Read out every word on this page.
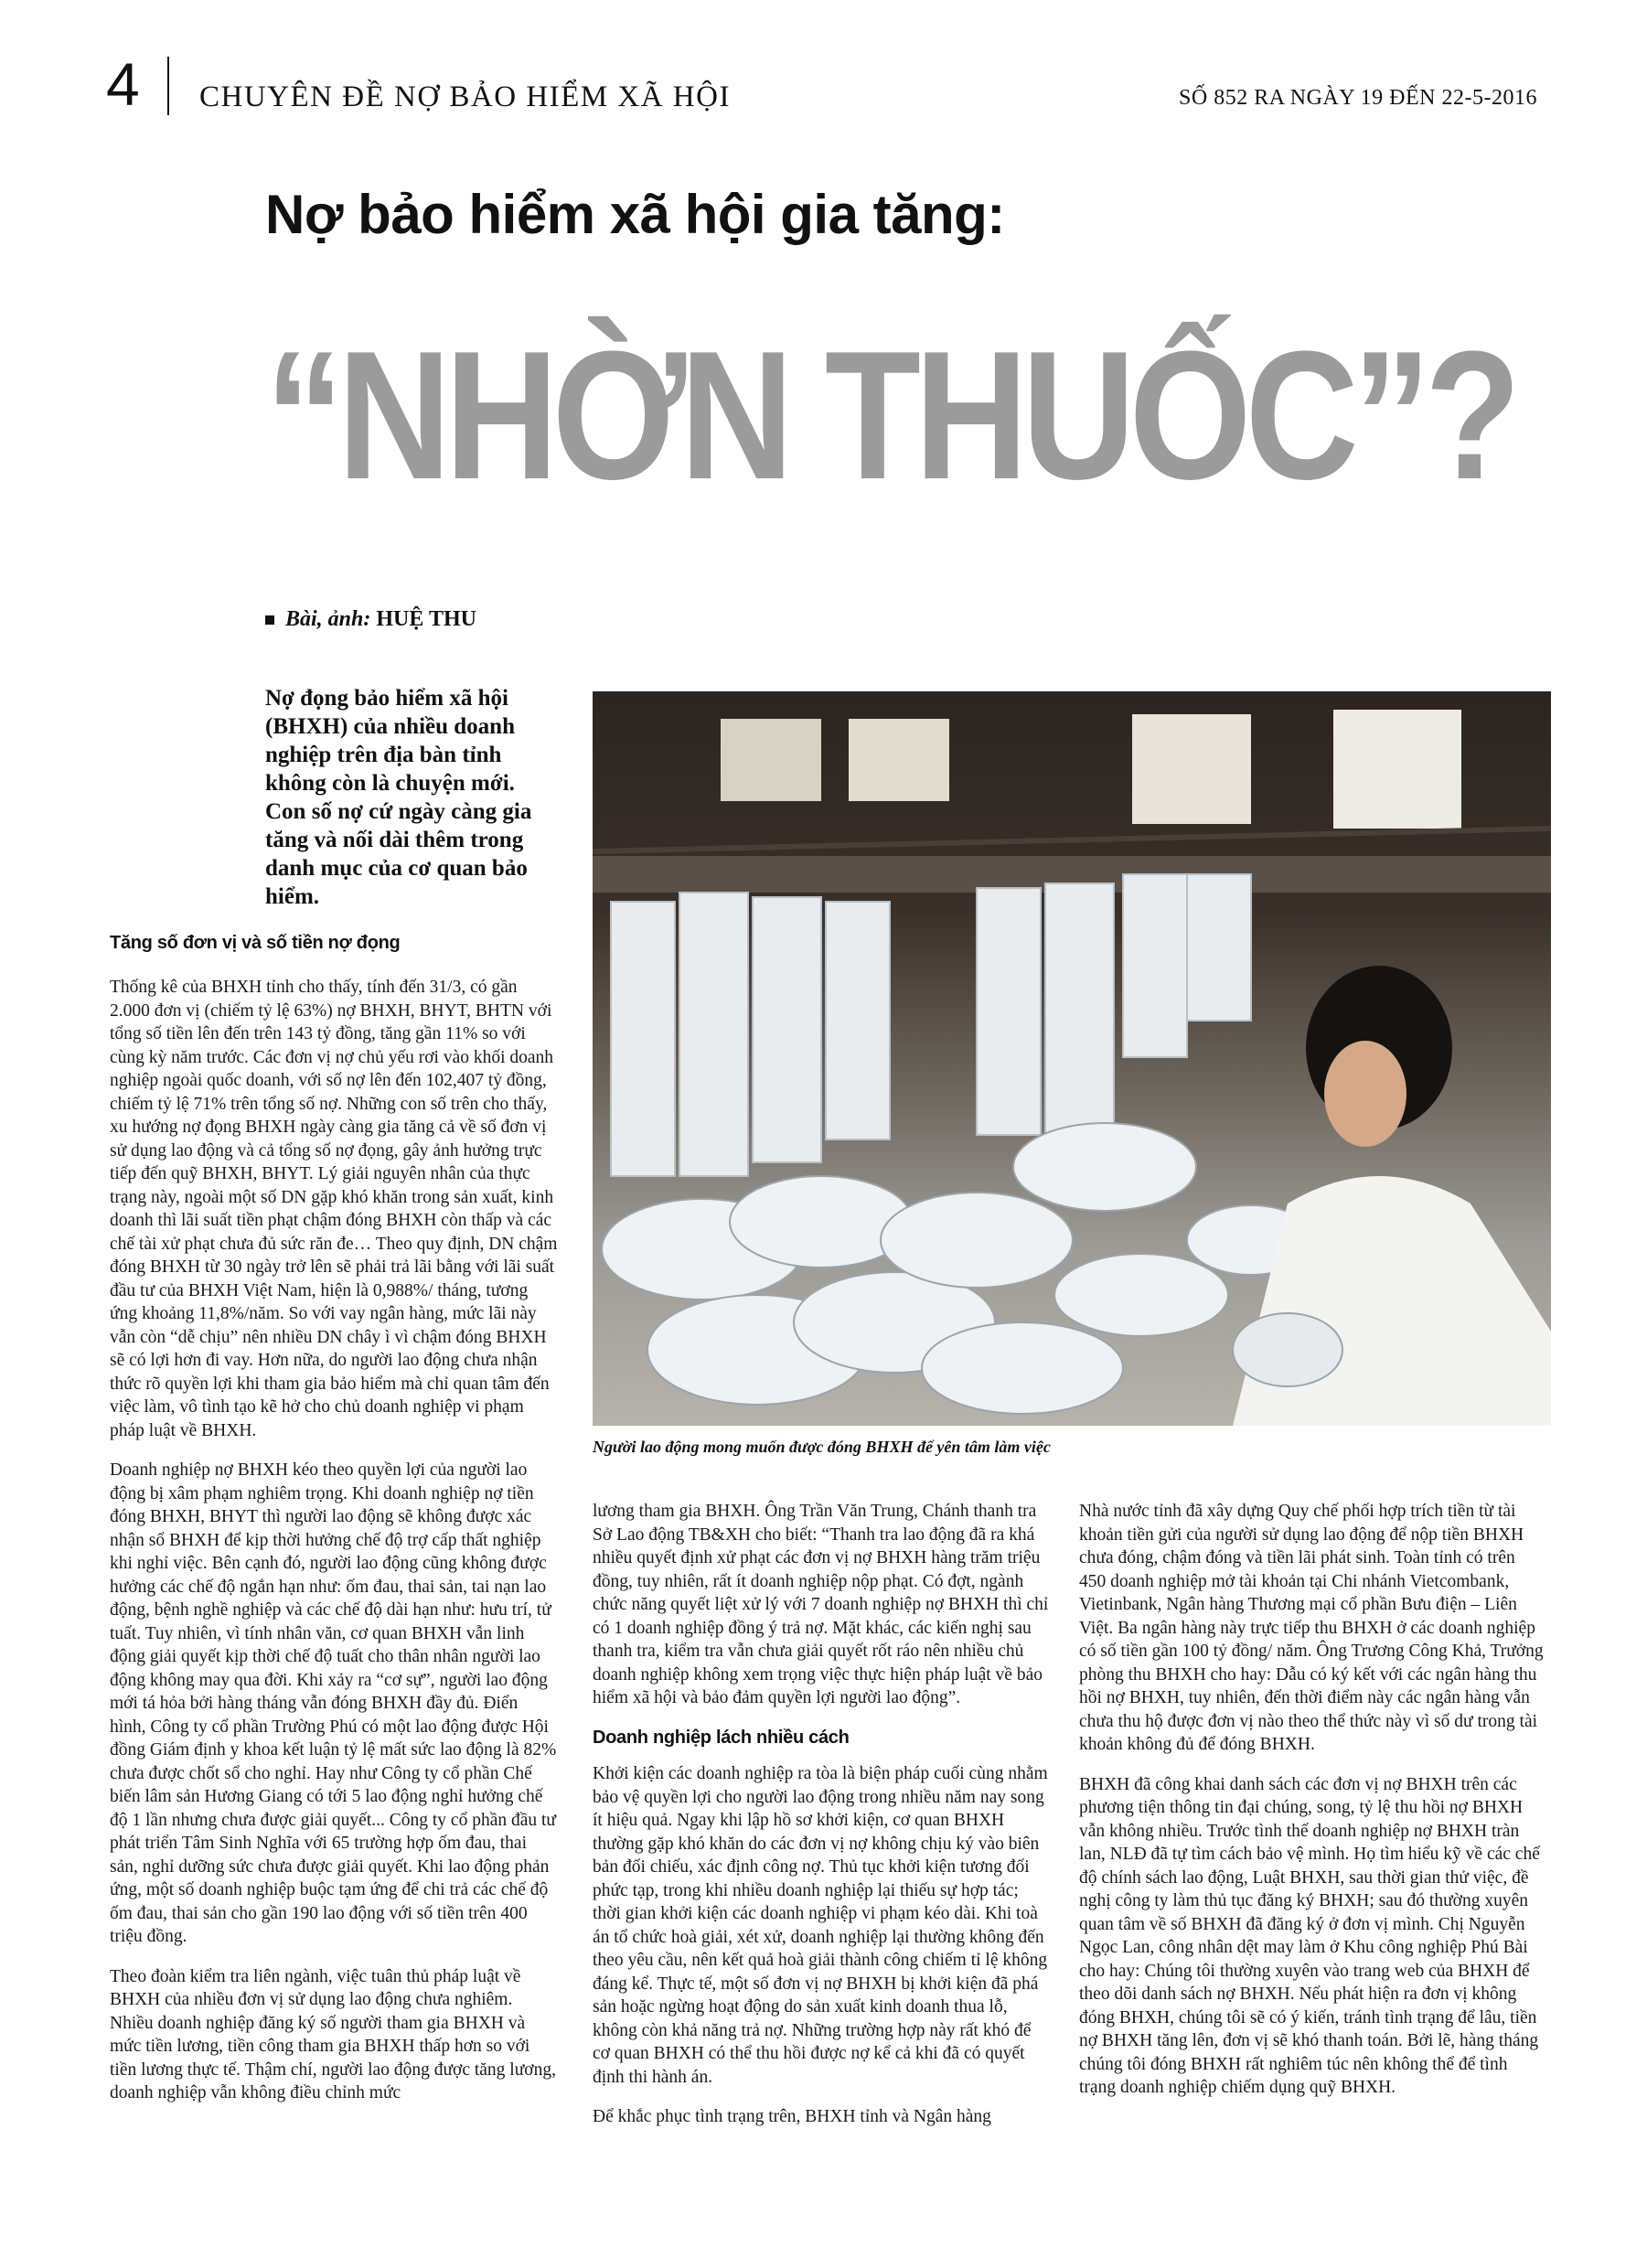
4 CHUYÊN ĐỀ NỢ BẢO HIỂM XÃ HỘI	SỐ 852 RA NGÀY 19 ĐẾN 22-5-2016
Nợ bảo hiểm xã hội gia tăng:
“NHỜN THUỐC”?
Bài, ảnh: HUỆ THU
Nợ đọng bảo hiểm xã hội (BHXH) của nhiều doanh nghiệp trên địa bàn tỉnh không còn là chuyện mới. Con số nợ cứ ngày càng gia tăng và nối dài thêm trong danh mục của cơ quan bảo hiểm.
Người lao động mong muốn được đóng BHXH để yên tâm làm việc
Tăng số đơn vị và số tiền nợ đọng

Thống kê của BHXH tỉnh cho thấy, tính đến 31/3, có gần 2.000 đơn vị (chiếm tỷ lệ 63%) nợ BHXH, BHYT, BHTN với tổng số tiền lên đến trên 143 tỷ đồng, tăng gần 11% so với cùng kỳ năm trước. Các đơn vị nợ chủ yếu rơi vào khối doanh nghiệp ngoài quốc doanh, với số nợ lên đến 102,407 tỷ đồng, chiếm tỷ lệ 71% trên tổng số nợ. Những con số trên cho thấy, xu hướng nợ đọng BHXH ngày càng gia tăng cả về số đơn vị sử dụng lao động và cả tổng số nợ đọng, gây ảnh hưởng trực tiếp đến quỹ BHXH, BHYT. Lý giải nguyên nhân của thực trạng này, ngoài một số DN gặp khó khăn trong sản xuất, kinh doanh thì lãi suất tiền phạt chậm đóng BHXH còn thấp và các chế tài xử phạt chưa đủ sức răn đe… Theo quy định, DN chậm đóng BHXH từ 30 ngày trở lên sẽ phải trả lãi bằng với lãi suất đầu tư của BHXH Việt Nam, hiện là 0,988%/ tháng, tương ứng khoảng 11,8%/năm. So với vay ngân hàng, mức lãi này vẫn còn “dễ chịu” nên nhiều DN chây ì vì chậm đóng BHXH sẽ có lợi hơn đi vay. Hơn nữa, do người lao động chưa nhận thức rõ quyền lợi khi tham gia bảo hiểm mà chỉ quan tâm đến việc làm, vô tình tạo kẽ hở cho chủ doanh nghiệp vi phạm pháp luật về BHXH.

Doanh nghiệp nợ BHXH kéo theo quyền lợi của người lao động bị xâm phạm nghiêm trọng. Khi doanh nghiệp nợ tiền đóng BHXH, BHYT thì người lao động sẽ không được xác nhận sổ BHXH để kịp thời hưởng chế độ trợ cấp thất nghiệp khi nghỉ việc. Bên cạnh đó, người lao động cũng không được hưởng các chế độ ngắn hạn như: ốm đau, thai sản, tai nạn lao động, bệnh nghề nghiệp và các chế độ dài hạn như: hưu trí, tử tuất. Tuy nhiên, vì tính nhân văn, cơ quan BHXH vẫn linh động giải quyết kịp thời chế độ tuất cho thân nhân người lao động không may qua đời. Khi xảy ra “cơ sự”, người lao động mới tá hỏa bởi hàng tháng vẫn đóng BHXH đầy đủ. Điển hình, Công ty cổ phần Trường Phú có một lao động được Hội đồng Giám định y khoa kết luận tỷ lệ mất sức lao động là 82% chưa được chốt sổ cho nghỉ. Hay như Công ty cổ phần Chế biến lâm sản Hương Giang có tới 5 lao động nghỉ hưởng chế độ 1 lần nhưng chưa được giải quyết... Công ty cổ phần đầu tư phát triển Tâm Sinh Nghĩa với 65 trường hợp ốm đau, thai sản, nghỉ dưỡng sức chưa được giải quyết. Khi lao động phản ứng, một số doanh nghiệp buộc tạm ứng để chi trả các chế độ ốm đau, thai sản cho gần 190 lao động với số tiền trên 400 triệu đồng.

Theo đoàn kiểm tra liên ngành, việc tuân thủ pháp luật về BHXH của nhiều đơn vị sử dụng lao động chưa nghiêm. Nhiều doanh nghiệp đăng ký số người tham gia BHXH và mức tiền lương, tiền công tham gia BHXH thấp hơn so với tiền lương thực tế. Thậm chí, người lao động được tăng lương, doanh nghiệp vẫn không điều chỉnh mức

lương tham gia BHXH. Ông Trần Văn Trung, Chánh thanh tra Sở Lao động TB&XH cho biết: “Thanh tra lao động đã ra khá nhiều quyết định xử phạt các đơn vị nợ BHXH hàng trăm triệu đồng, tuy nhiên, rất ít doanh nghiệp nộp phạt. Có đợt, ngành chức năng quyết liệt xử lý với 7 doanh nghiệp nợ BHXH thì chỉ có 1 doanh nghiệp đồng ý trả nợ. Mặt khác, các kiến nghị sau thanh tra, kiểm tra vẫn chưa giải quyết rốt ráo nên nhiều chủ doanh nghiệp không xem trọng việc thực hiện pháp luật về bảo hiểm xã hội và bảo đảm quyền lợi người lao động”.

Doanh nghiệp lách nhiều cách

Khởi kiện các doanh nghiệp ra tòa là biện pháp cuối cùng nhằm bảo vệ quyền lợi cho người lao động trong nhiều năm nay song ít hiệu quả. Ngay khi lập hồ sơ khởi kiện, cơ quan BHXH thường gặp khó khăn do các đơn vị nợ không chịu ký vào biên bản đối chiếu, xác định công nợ. Thủ tục khởi kiện tương đối phức tạp, trong khi nhiều doanh nghiệp lại thiếu sự hợp tác; thời gian khởi kiện các doanh nghiệp vi phạm kéo dài. Khi toà án tổ chức hoà giải, xét xử, doanh nghiệp lại thường không đến theo yêu cầu, nên kết quả hoà giải thành công chiếm tỉ lệ không đáng kể. Thực tế, một số đơn vị nợ BHXH bị khởi kiện đã phá sản hoặc ngừng hoạt động do sản xuất kinh doanh thua lỗ, không còn khả năng trả nợ. Những trường hợp này rất khó để cơ quan BHXH có thể thu hồi được nợ kể cả khi đã có quyết định thi hành án.

Để khắc phục tình trạng trên, BHXH tỉnh và Ngân hàng

Nhà nước tỉnh đã xây dựng Quy chế phối hợp trích tiền từ tài khoản tiền gửi của người sử dụng lao động để nộp tiền BHXH chưa đóng, chậm đóng và tiền lãi phát sinh. Toàn tỉnh có trên 450 doanh nghiệp mở tài khoản tại Chi nhánh Vietcombank, Vietinbank, Ngân hàng Thương mại cổ phần Bưu điện – Liên Việt. Ba ngân hàng này trực tiếp thu BHXH ở các doanh nghiệp có số tiền gần 100 tỷ đồng/ năm. Ông Trương Công Khả, Trưởng phòng thu BHXH cho hay: Dẫu có ký kết với các ngân hàng thu hồi nợ BHXH, tuy nhiên, đến thời điểm này các ngân hàng vẫn chưa thu hộ được đơn vị nào theo thể thức này vì số dư trong tài khoản không đủ để đóng BHXH.

BHXH đã công khai danh sách các đơn vị nợ BHXH trên các phương tiện thông tin đại chúng, song, tỷ lệ thu hồi nợ BHXH vẫn không nhiều. Trước tình thế doanh nghiệp nợ BHXH tràn lan, NLĐ đã tự tìm cách bảo vệ mình. Họ tìm hiểu kỹ về các chế độ chính sách lao động, Luật BHXH, sau thời gian thử việc, đề nghị công ty làm thủ tục đăng ký BHXH; sau đó thường xuyên quan tâm về số BHXH đã đăng ký ở đơn vị mình. Chị Nguyễn Ngọc Lan, công nhân dệt may làm ở Khu công nghiệp Phú Bài cho hay: Chúng tôi thường xuyên vào trang web của BHXH để theo dõi danh sách nợ BHXH. Nếu phát hiện ra đơn vị không đóng BHXH, chúng tôi sẽ có ý kiến, tránh tình trạng để lâu, tiền nợ BHXH tăng lên, đơn vị sẽ khó thanh toán. Bởi lẽ, hàng tháng chúng tôi đóng BHXH rất nghiêm túc nên không thể để tình trạng doanh nghiệp chiếm dụng quỹ BHXH.
